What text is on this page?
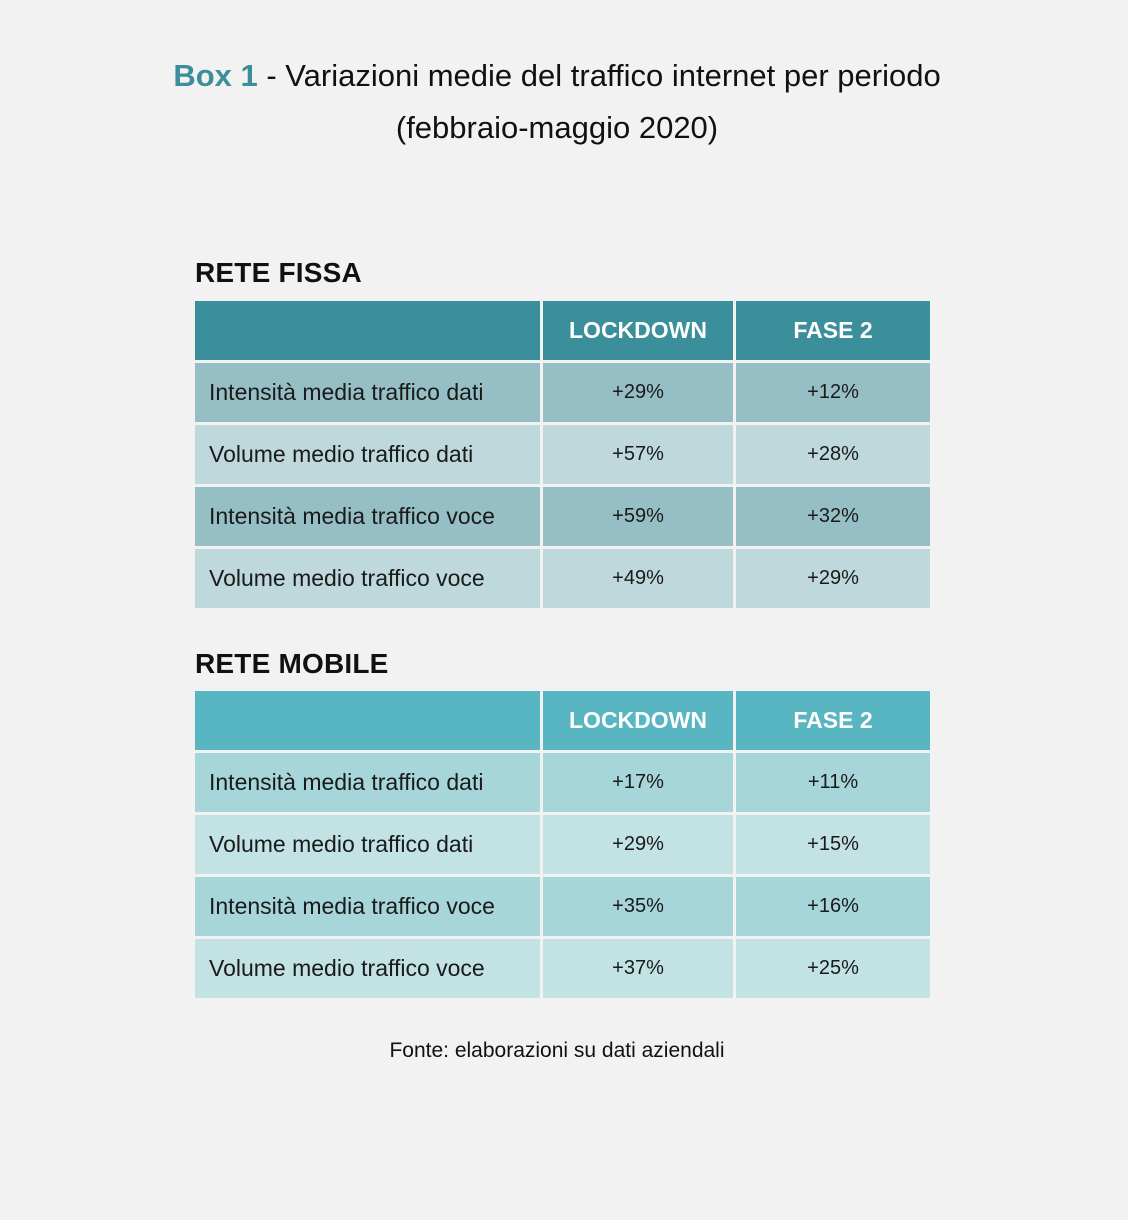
Box 1 - Variazioni medie del traffico internet per periodo
(febbraio-maggio 2020)
RETE FISSA
	LOCKDOWN	FASE 2
Intensità media traffico dati	+29%	+12%
Volume medio traffico dati	+57%	+28%
Intensità media traffico voce	+59%	+32%
Volume medio traffico voce	+49%	+29%
RETE MOBILE
	LOCKDOWN	FASE 2
Intensità media traffico dati	+17%	+11%
Volume medio traffico dati	+29%	+15%
Intensità media traffico voce	+35%	+16%
Volume medio traffico voce	+37%	+25%
Fonte: elaborazioni su dati aziendali
